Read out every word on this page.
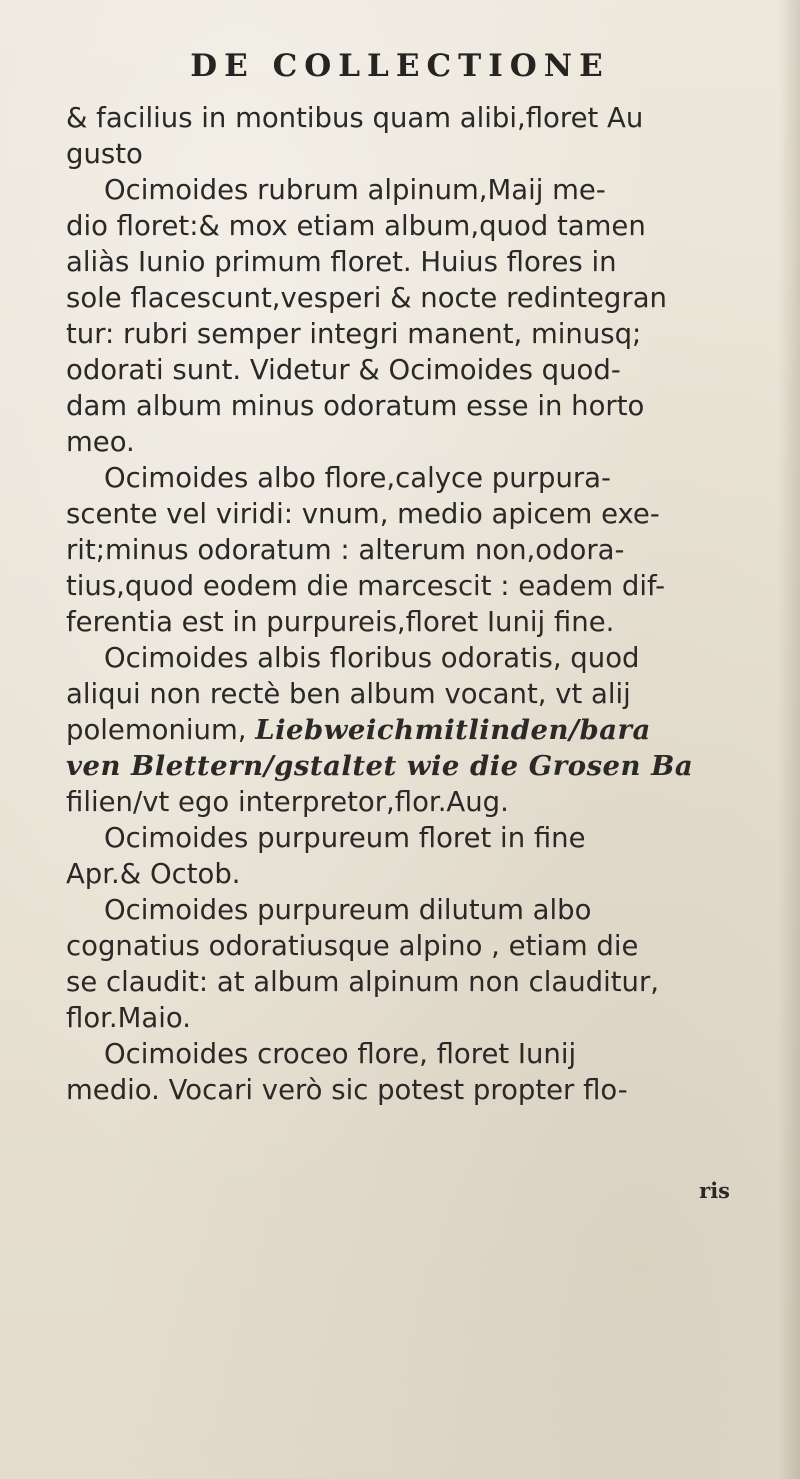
DE COLLECTIONE
& facilius in montibus quam alibi,floret Au
gusto
Ocimoides rubrum alpinum,Maij me-
dio floret:& mox etiam album,quod tamen
aliàs Iunio primum floret. Huius flores in
sole flacescunt,vesperi & nocte redintegran
tur: rubri semper integri manent, minusq;
odorati sunt. Videtur & Ocimoides quod-
dam album minus odoratum esse in horto
meo.
Ocimoides albo flore,calyce purpura-
scente vel viridi: vnum, medio apicem exe-
rit;minus odoratum : alterum non,odora-
tius,quod eodem die marcescit : eadem dif-
ferentia est in purpureis,floret Iunij fine.
Ocimoides albis floribus odoratis, quod
aliqui non rectè ben album vocant, vt alij
polemonium, Liebweichmitlinden/bara
ven Blettern/gstaltet wie die Grosen Ba
filien/vt ego interpretor,flor.Aug.
Ocimoides purpureum floret in fine
Apr.& Octob.
Ocimoides purpureum dilutum albo
cognatius odoratiusque alpino , etiam die
se claudit: at album alpinum non clauditur,
flor.Maio.
Ocimoides croceo flore, floret Iunij
medio. Vocari verò sic potest propter flo-
ris
